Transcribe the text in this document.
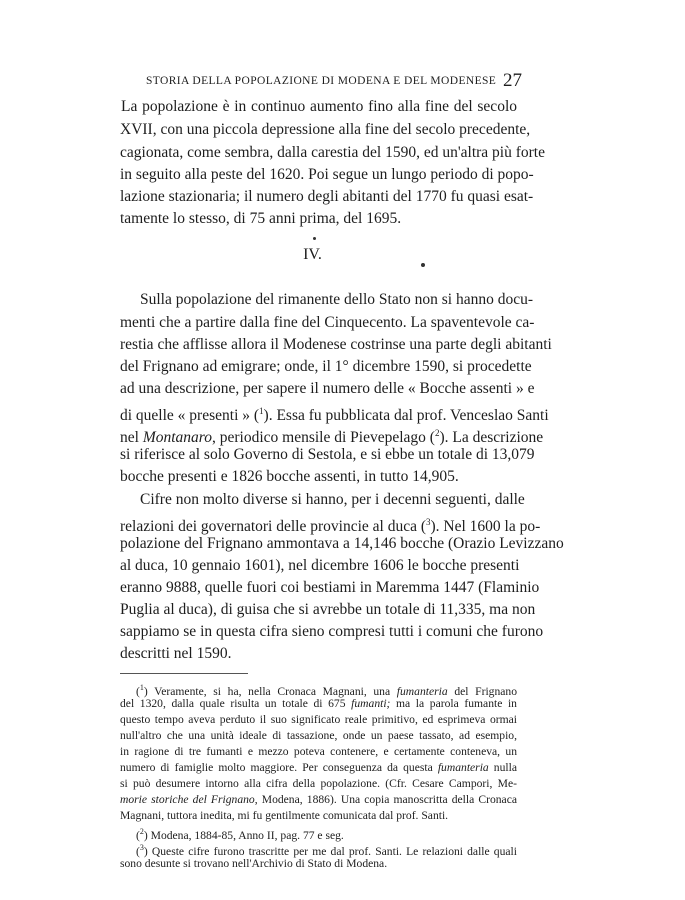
STORIA DELLA POPOLAZIONE DI MODENA E DEL MODENESE 27
La popolazione è in continuo aumento fino alla fine del secolo
XVII, con una piccola depressione alla fine del secolo precedente,
cagionata, come sembra, dalla carestia del 1590, ed un'altra più forte
in seguito alla peste del 1620. Poi segue un lungo periodo di popo-
lazione stazionaria; il numero degli abitanti del 1770 fu quasi esat-
tamente lo stesso, di 75 anni prima, del 1695.
IV.
Sulla popolazione del rimanente dello Stato non si hanno docu-
menti che a partire dalla fine del Cinquecento. La spaventevole ca-
restia che afflisse allora il Modenese costrinse una parte degli abitanti
del Frignano ad emigrare; onde, il 1° dicembre 1590, si procedette
ad una descrizione, per sapere il numero delle « Bocche assenti » e
di quelle « presenti » ($^1$). Essa fu pubblicata dal prof. Venceslao Santi
nel Montanaro, periodico mensile di Pievepelago ($^2$). La descrizione
si riferisce al solo Governo di Sestola, e si ebbe un totale di 13,079
bocche presenti e 1826 bocche assenti, in tutto 14,905.
Cifre non molto diverse si hanno, per i decenni seguenti, dalle
relazioni dei governatori delle provincie al duca ($^3$). Nel 1600 la po-
polazione del Frignano ammontava a 14,146 bocche (Orazio Levizzano
al duca, 10 gennaio 1601), nel dicembre 1606 le bocche presenti
eranno 9888, quelle fuori coi bestiami in Maremma 1447 (Flaminio
Puglia al duca), di guisa che si avrebbe un totale di 11,335, ma non
sappiamo se in questa cifra sieno compresi tutti i comuni che furono
descritti nel 1590.
($^1$) Veramente, si ha, nella Cronaca Magnani, una fumanteria del Frignano
del 1320, dalla quale risulta un totale di 675 fumanti; ma la parola fumante in
questo tempo aveva perduto il suo significato reale primitivo, ed esprimeva ormai
null'altro che una unità ideale di tassazione, onde un paese tassato, ad esempio,
in ragione di tre fumanti e mezzo poteva contenere, e certamente conteneva, un
numero di famiglie molto maggiore. Per conseguenza da questa fumanteria nulla
si può desumere intorno alla cifra della popolazione. (Cfr. Cesare Campori, Me-
morie storiche del Frignano, Modena, 1886). Una copia manoscritta della Cronaca
Magnani, tuttora inedita, mi fu gentilmente comunicata dal prof. Santi.
($^2$) Modena, 1884-85, Anno II, pag. 77 e seg.
($^3$) Queste cifre furono trascritte per me dal prof. Santi. Le relazioni dalle quali
sono desunte si trovano nell'Archivio di Stato di Modena.
